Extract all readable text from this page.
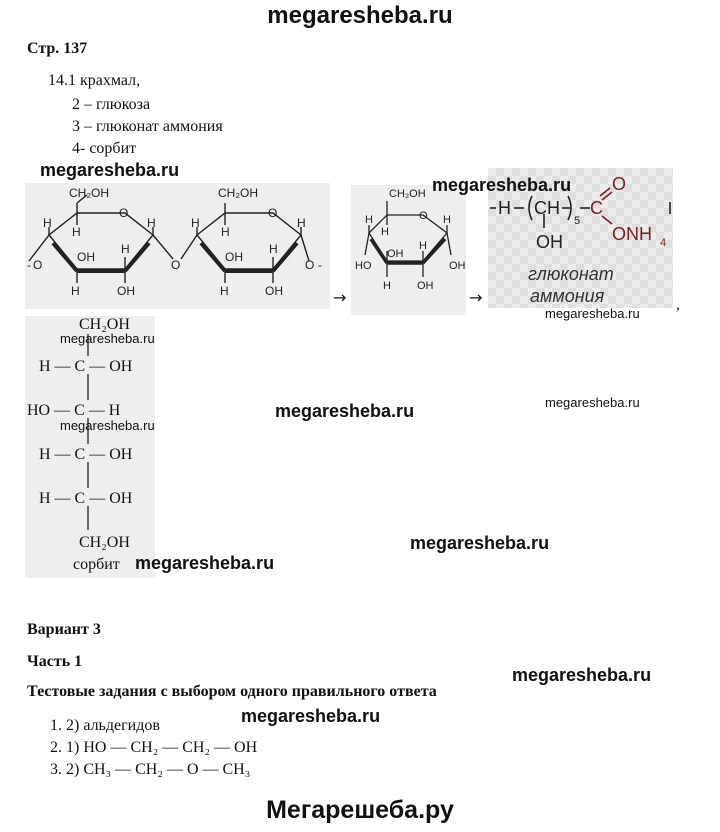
megaresheba.ru
Стр. 137
14.1 крахмал,
2 – глюкоза
3 – глюконат аммония
4- сорбит
CH₂OH	CH₂OH
O	O
H
H
H	H
H
H
OH
H
OH
H
H	OH	H	OH
O
- O	O -
→
CH₂OH
O
H
H	H
HO
OH
H
OH
H OH
→
H CH
5
OH
C
O
ONH 4
глюконат
аммония	,
CH₂OH
H — C — OH
HO — C — H
H — C — OH
H — C — OH
CH₂OH
сорбит
megaresheba.ru
megaresheba.ru
megaresheba.ru
megaresheba.ru
megaresheba.ru
megaresheba.ru
megaresheba.ru
megaresheba.ru
megaresheba.ru
megaresheba.ru
megaresheba.ru
Вариант 3
Часть 1
Тестовые задания с выбором одного правильного ответа
1. 2) альдегидов
2. 1) HO — CH₂ — CH₂ — OH
3. 2) CH₃ — CH₂ — O — CH₃
Мегарешеба.ру
